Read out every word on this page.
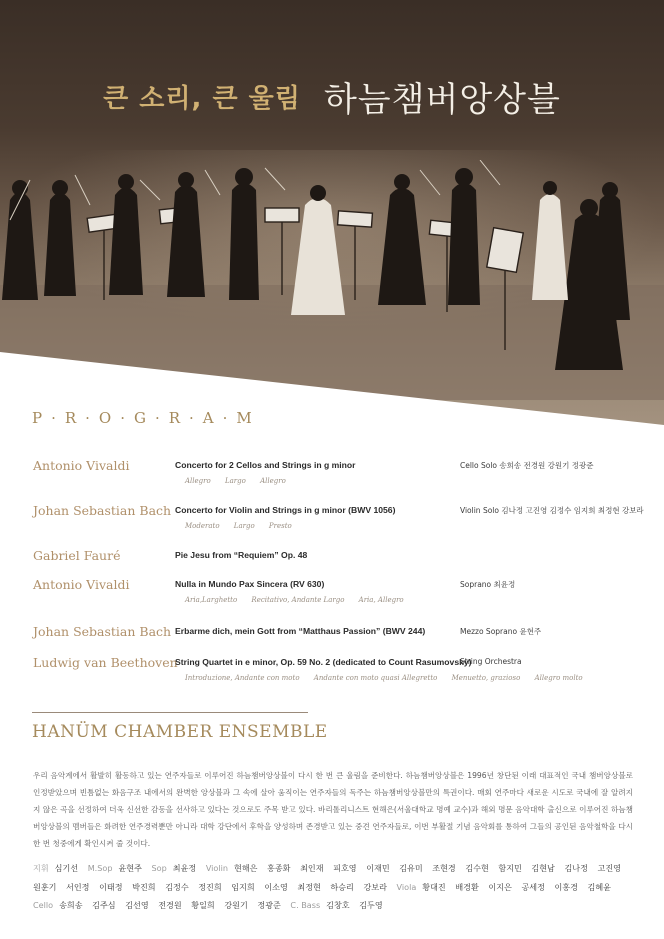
큰 소리, 큰 울림 하늠챔버앙상블
P·R·O·G·R·A·M
Antonio Vivaldi	Concerto for 2 Cellos and Strings in g minor
Allegro Largo Allegro
Cello Solo 송희송 전경원 강원기 정광준
Johan Sebastian Bach Concerto for Violin and Strings in g minor (BWV 1056)
Moderato Largo Presto
Violin Solo 김나정 고진영 김정수 임지희 최정현 강보라
Gabriel Fauré	Pie Jesu from “Requiem” Op. 48
Antonio Vivaldi	Nulla in Mundo Pax Sincera (RV 630)
Aria,Larghetto Recitativo, Andante Largo Aria, Allegro
Soprano 최윤정
Johan Sebastian Bach Erbarme dich, mein Gott from “Matthaus Passion” (BWV 244)	Mezzo Soprano 윤현주
Ludwig van Beethoven
String Quartet in e minor, Op. 59 No. 2 (dedicated to Count Rasumovsky)
Introduzione, Andante con moto Andante con moto quasi Allegretto Menuetto, grazioso Allegro molto
String Orchestra
HANÜM CHAMBER ENSEMBLE

우리 음악계에서 활발히 활동하고 있는 연주자들로 이루어진 하늠챔버앙상블이 다시 한 번 큰 울림을 준비한다. 하늠챔버앙상블은 1996년 창단된 이래 대표적인 국내 챔버앙상블로 인정받았으며 빈틈없는 화음구조 내에서의 완벽한 앙상블과 그 속에 살아 움직이는 연주자들의 독주는 하늠챔버앙상블만의 특권이다. 매회 연주마다 새로운 시도로 국내에 잘 알려지지 않은 곡을 선정하여 더욱 신선한 감동을 선사하고 있다는 것으로도 주목 받고 있다. 바리톨리니스트 현해은(서울대학교 명예 교수)과 해외 명문 음악대학 출신으로 이루어진 하늠챔버앙상블의 멤버들은 화려한 연주경력뿐만 아니라 대학 강단에서 후학을 양성하며 존경받고 있는 중견 연주자들로, 이번 부활절 기념 음악회를 통하여 그들의 공인된 음악철학을 다시 한 번 청중에게 확인시켜 줄 것이다.

지휘 심기선 M.Sop 윤현주 Sop 최윤정 Violin 현해은 홍종화 최인재 피호영 이재민 김유미 조현경 김수현 함지민 김현남 김나정 고진영 원훈기 서인정 이태정 박진희 김정수 정진희 임지희 이소영 최정현 하승리 강보라 Viola 황대진 배경환 이지은 공세정 이홍경 김혜윤 Cello 송희송 김주심 김선영 전경원 황일희 강원기 정광준 C. Bass 김창호 김두영
